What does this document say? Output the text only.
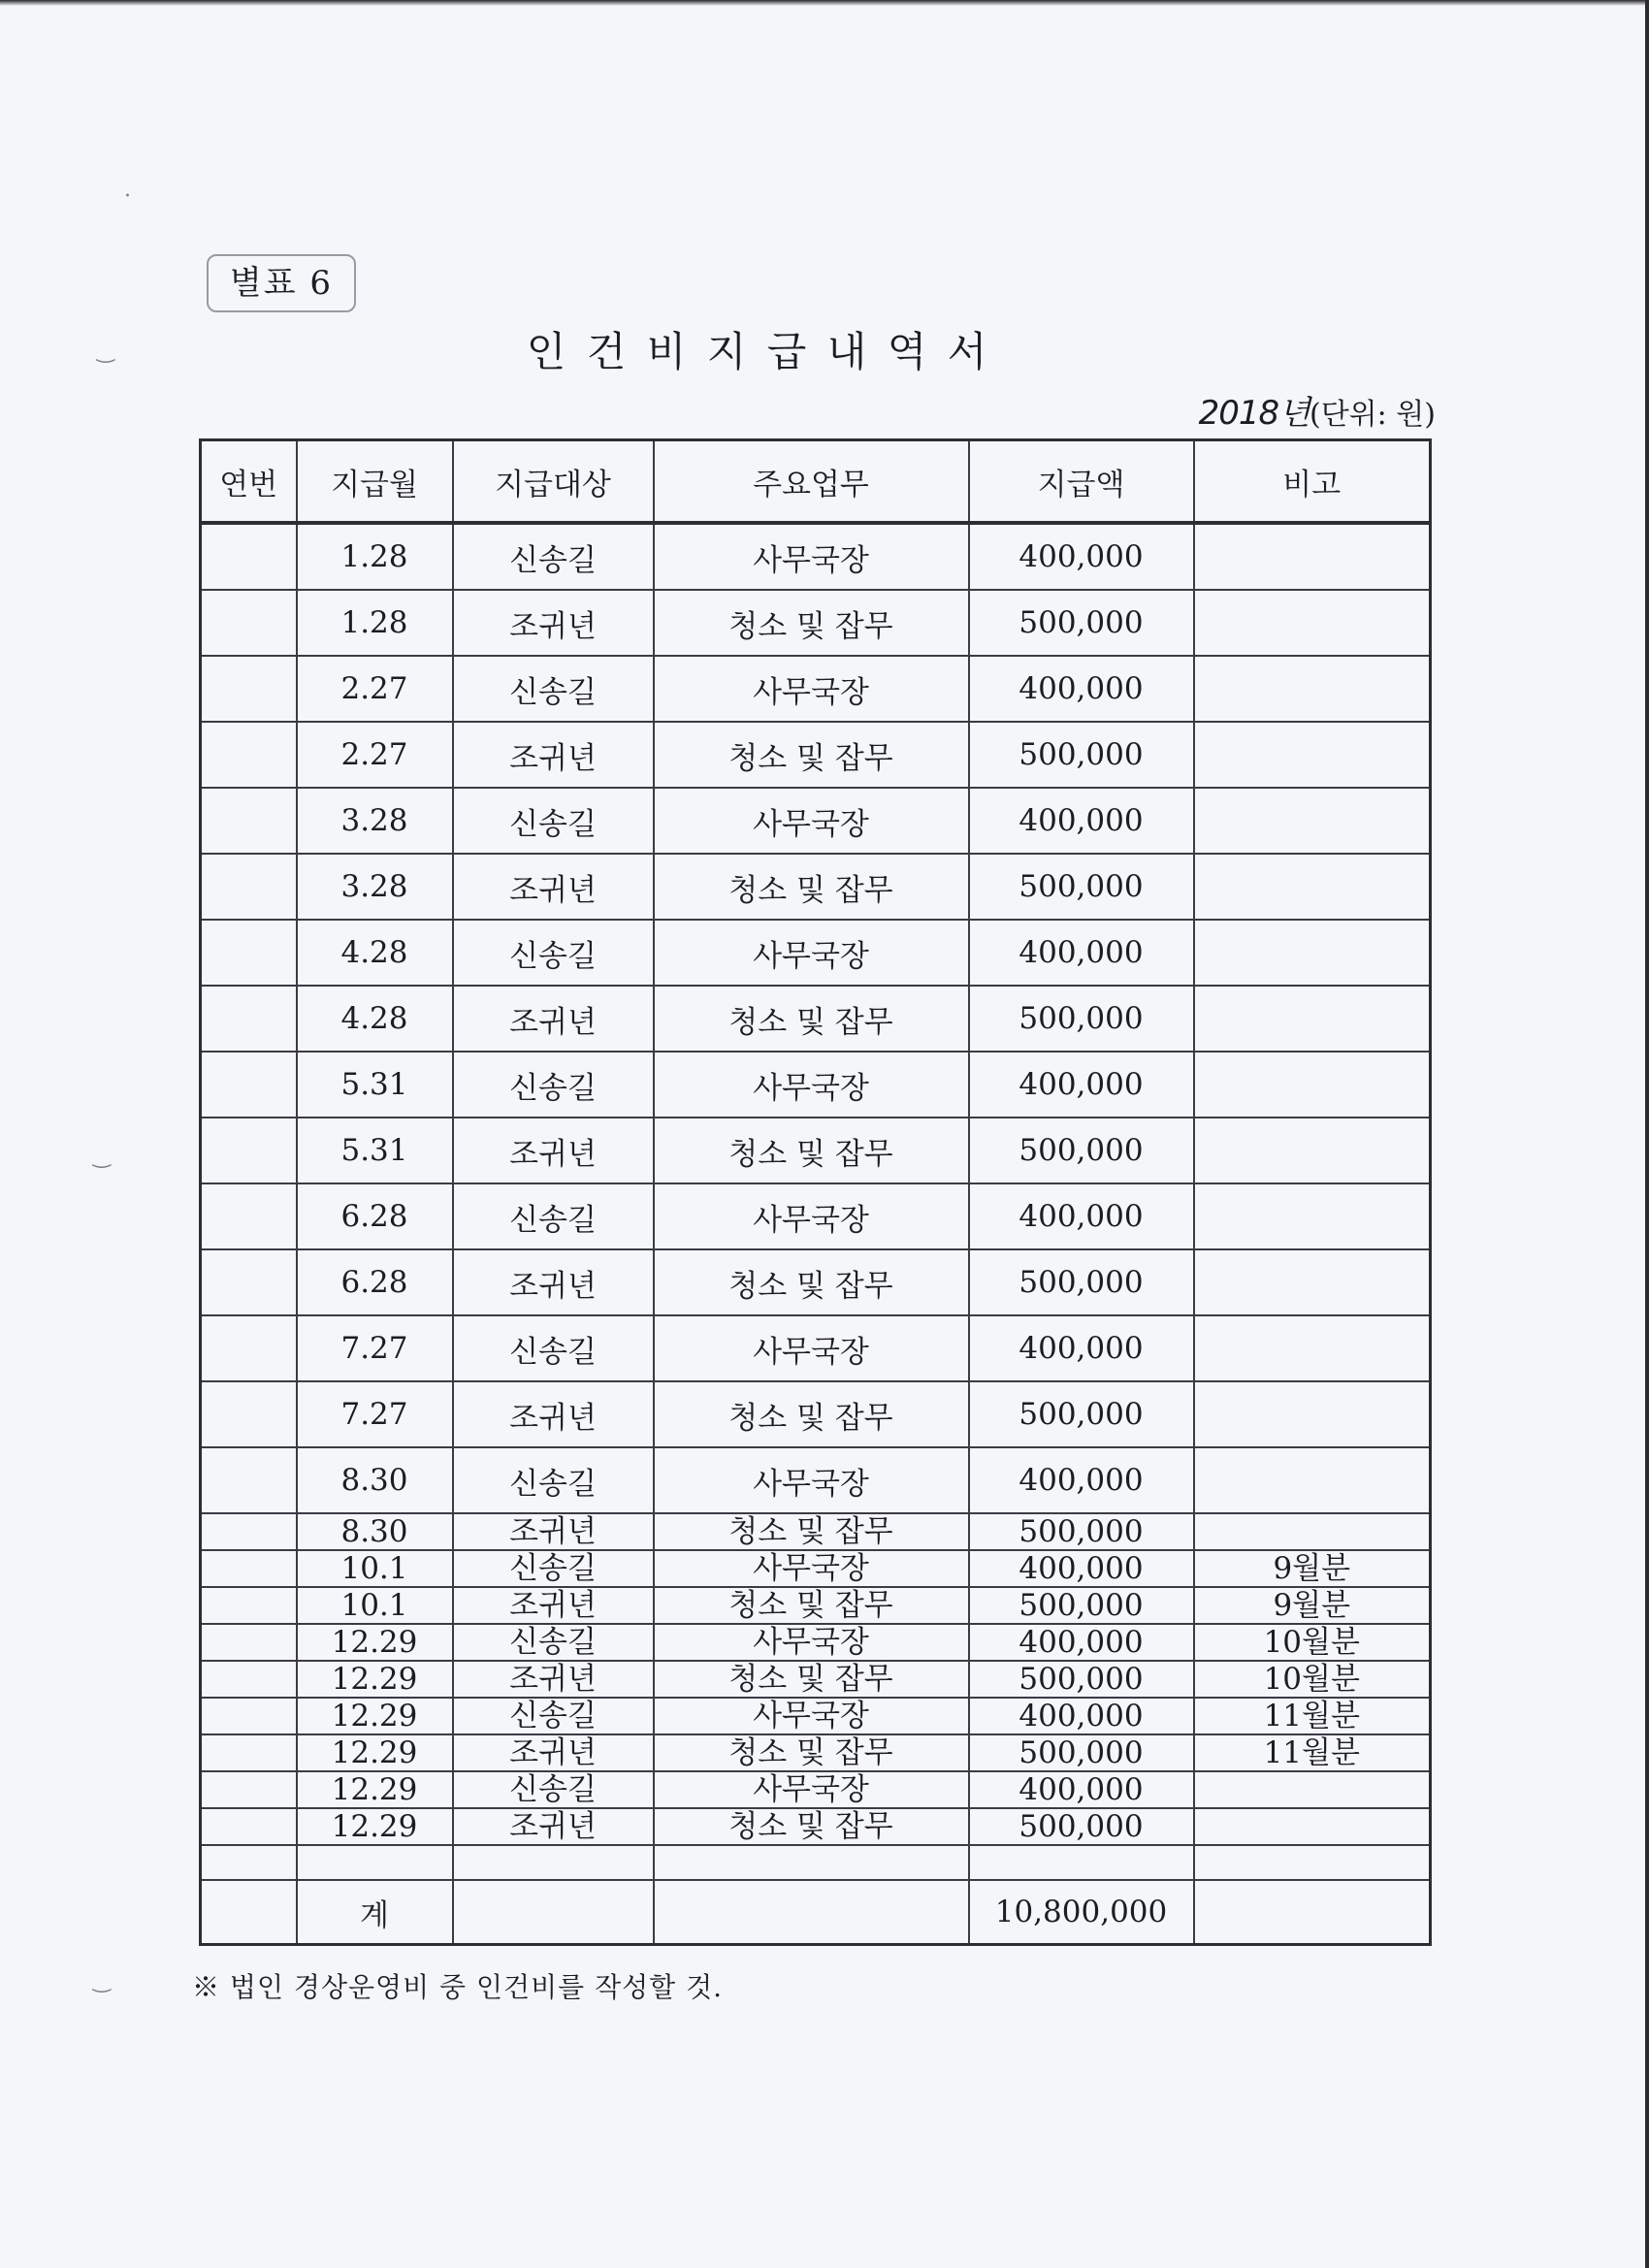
·
‿
‿
‿
별표 6
인 건 비 지 급 내 역 서
2018년(단위: 원)
연번	지급월	지급대상	주요업무	지급액	비고
	1.28	신송길	사무국장	400,000	
	1.28	조귀년	청소 및 잡무	500,000	
	2.27	신송길	사무국장	400,000	
	2.27	조귀년	청소 및 잡무	500,000	
	3.28	신송길	사무국장	400,000	
	3.28	조귀년	청소 및 잡무	500,000	
	4.28	신송길	사무국장	400,000	
	4.28	조귀년	청소 및 잡무	500,000	
	5.31	신송길	사무국장	400,000	
	5.31	조귀년	청소 및 잡무	500,000	
	6.28	신송길	사무국장	400,000	
	6.28	조귀년	청소 및 잡무	500,000	
	7.27	신송길	사무국장	400,000	
	7.27	조귀년	청소 및 잡무	500,000	
	8.30	신송길	사무국장	400,000	
	8.30	조귀년	청소 및 잡무	500,000	
	10.1	신송길	사무국장	400,000	9월분
	10.1	조귀년	청소 및 잡무	500,000	9월분
	12.29	신송길	사무국장	400,000	10월분
	12.29	조귀년	청소 및 잡무	500,000	10월분
	12.29	신송길	사무국장	400,000	11월분
	12.29	조귀년	청소 및 잡무	500,000	11월분
	12.29	신송길	사무국장	400,000	
	12.29	조귀년	청소 및 잡무	500,000	

	계			10,800,000	
※ 법인 경상운영비 중 인건비를 작성할 것.
